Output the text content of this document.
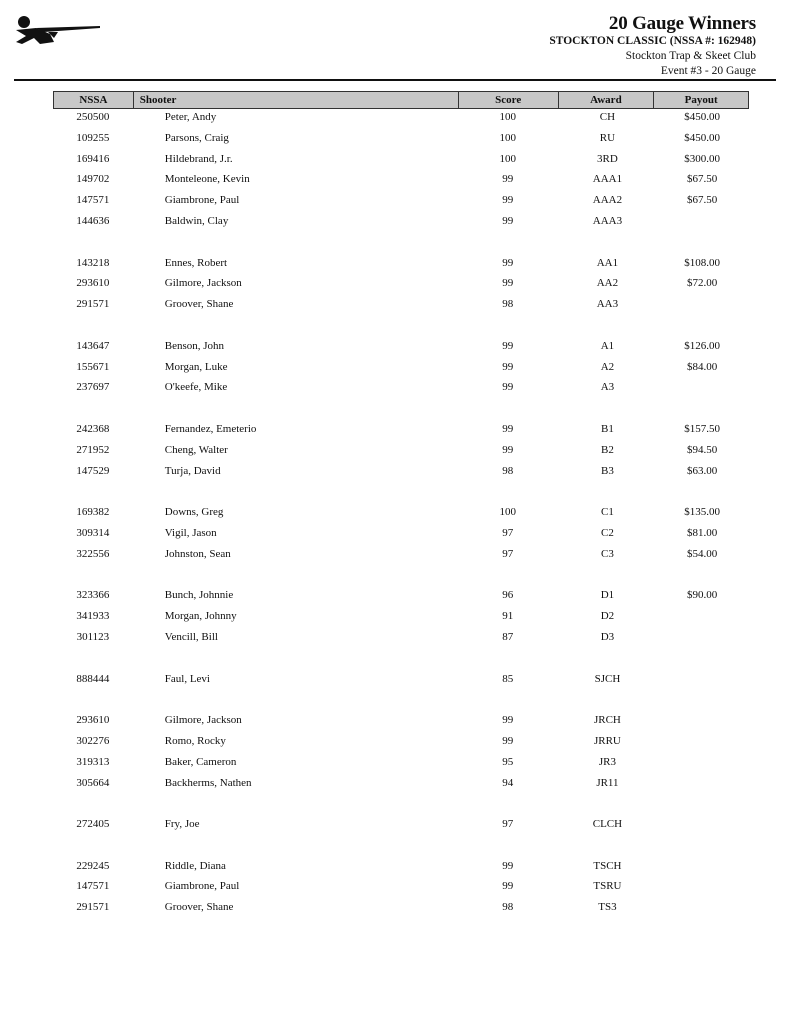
20 Gauge Winners
STOCKTON CLASSIC (NSSA #: 162948)
Stockton Trap & Skeet Club
Event #3 - 20 Gauge
NSSA	Shooter	Score	Award	Payout
250500	Peter, Andy	100	CH	$450.00
109255	Parsons, Craig	100	RU	$450.00
169416	Hildebrand, J.r.	100	3RD	$300.00
149702	Monteleone, Kevin	99	AAA1	$67.50
147571	Giambrone, Paul	99	AAA2	$67.50
144636	Baldwin, Clay	99	AAA3
143218	Ennes, Robert	99	AA1	$108.00
293610	Gilmore, Jackson	99	AA2	$72.00
291571	Groover, Shane	98	AA3
143647	Benson, John	99	A1	$126.00
155671	Morgan, Luke	99	A2	$84.00
237697	O'keefe, Mike	99	A3
242368	Fernandez, Emeterio	99	B1	$157.50
271952	Cheng, Walter	99	B2	$94.50
147529	Turja, David	98	B3	$63.00
169382	Downs, Greg	100	C1	$135.00
309314	Vigil, Jason	97	C2	$81.00
322556	Johnston, Sean	97	C3	$54.00
323366	Bunch, Johnnie	96	D1	$90.00
341933	Morgan, Johnny	91	D2
301123	Vencill, Bill	87	D3
888444	Faul, Levi	85	SJCH
293610	Gilmore, Jackson	99	JRCH
302276	Romo, Rocky	99	JRRU
319313	Baker, Cameron	95	JR3
305664	Backherms, Nathen	94	JR11
272405	Fry, Joe	97	CLCH
229245	Riddle, Diana	99	TSCH
147571	Giambrone, Paul	99	TSRU
291571	Groover, Shane	98	TS3
